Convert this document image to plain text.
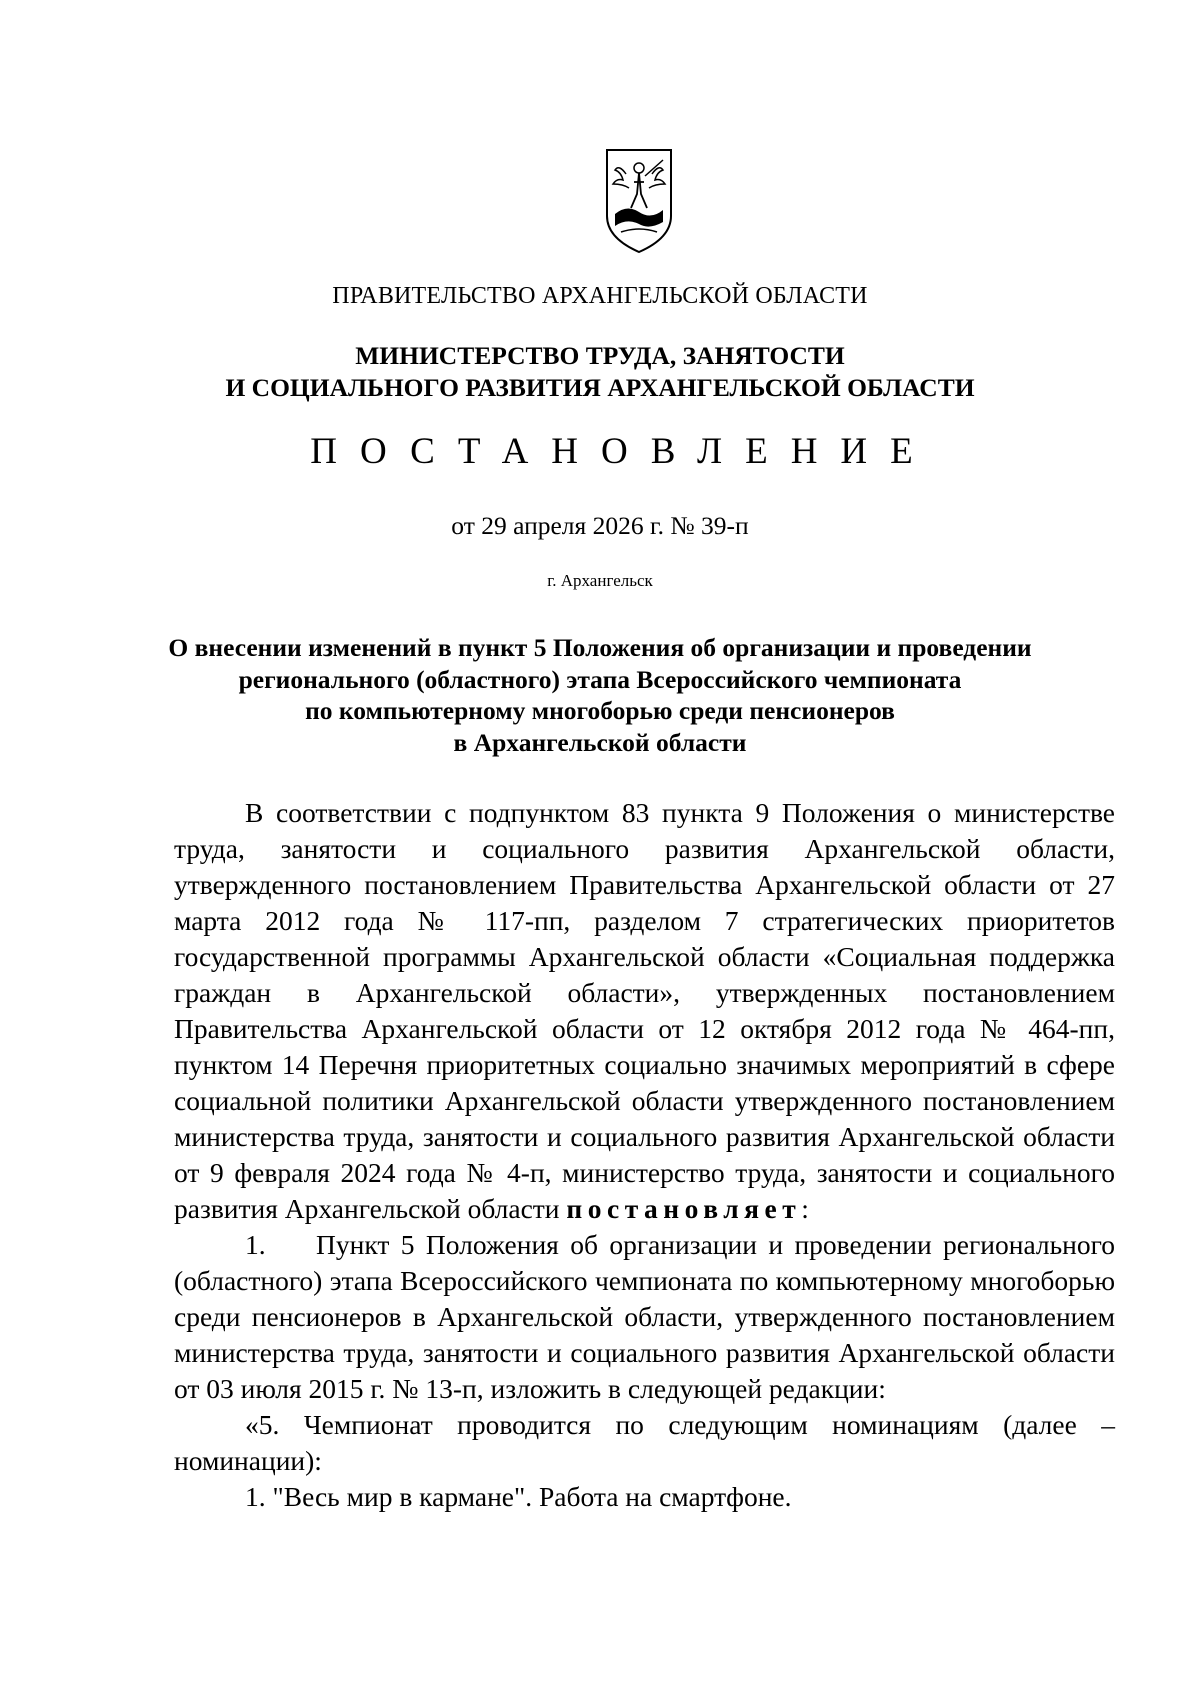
ПРАВИТЕЛЬСТВО АРХАНГЕЛЬСКОЙ ОБЛАСТИ
МИНИСТЕРСТВО ТРУДА, ЗАНЯТОСТИ
И СОЦИАЛЬНОГО РАЗВИТИЯ АРХАНГЕЛЬСКОЙ ОБЛАСТИ
ПОСТАНОВЛЕНИЕ
от 29 апреля 2026 г. № 39-п
г. Архангельск
О внесении изменений в пункт 5 Положения об организации и проведении
регионального (областного) этапа Всероссийского чемпионата
по компьютерному многоборью среди пенсионеров
в Архангельской области

В соответствии с подпунктом 83 пункта 9 Положения о министерстве труда, занятости и социального развития Архангельской области, утвержденного постановлением Правительства Архангельской области от 27 марта 2012 года № 117-пп, разделом 7 стратегических приоритетов государственной программы Архангельской области «Социальная поддержка граждан в Архангельской области», утвержденных постановлением Правительства Архангельской области от 12 октября 2012 года № 464-пп, пунктом 14 Перечня приоритетных социально значимых мероприятий в сфере социальной политики Архангельской области утвержденного постановлением министерства труда, занятости и социального развития Архангельской области от 9 февраля 2024 года № 4-п, министерство труда, занятости и социального развития Архангельской области постановляет:

1. Пункт 5 Положения об организации и проведении регионального (областного) этапа Всероссийского чемпионата по компьютерному многоборью среди пенсионеров в Архангельской области, утвержденного постановлением министерства труда, занятости и социального развития Архангельской области от 03 июля 2015 г. № 13-п, изложить в следующей редакции:

«5. Чемпионат проводится по следующим номинациям (далее – номинации):

1. "Весь мир в кармане". Работа на смартфоне.
